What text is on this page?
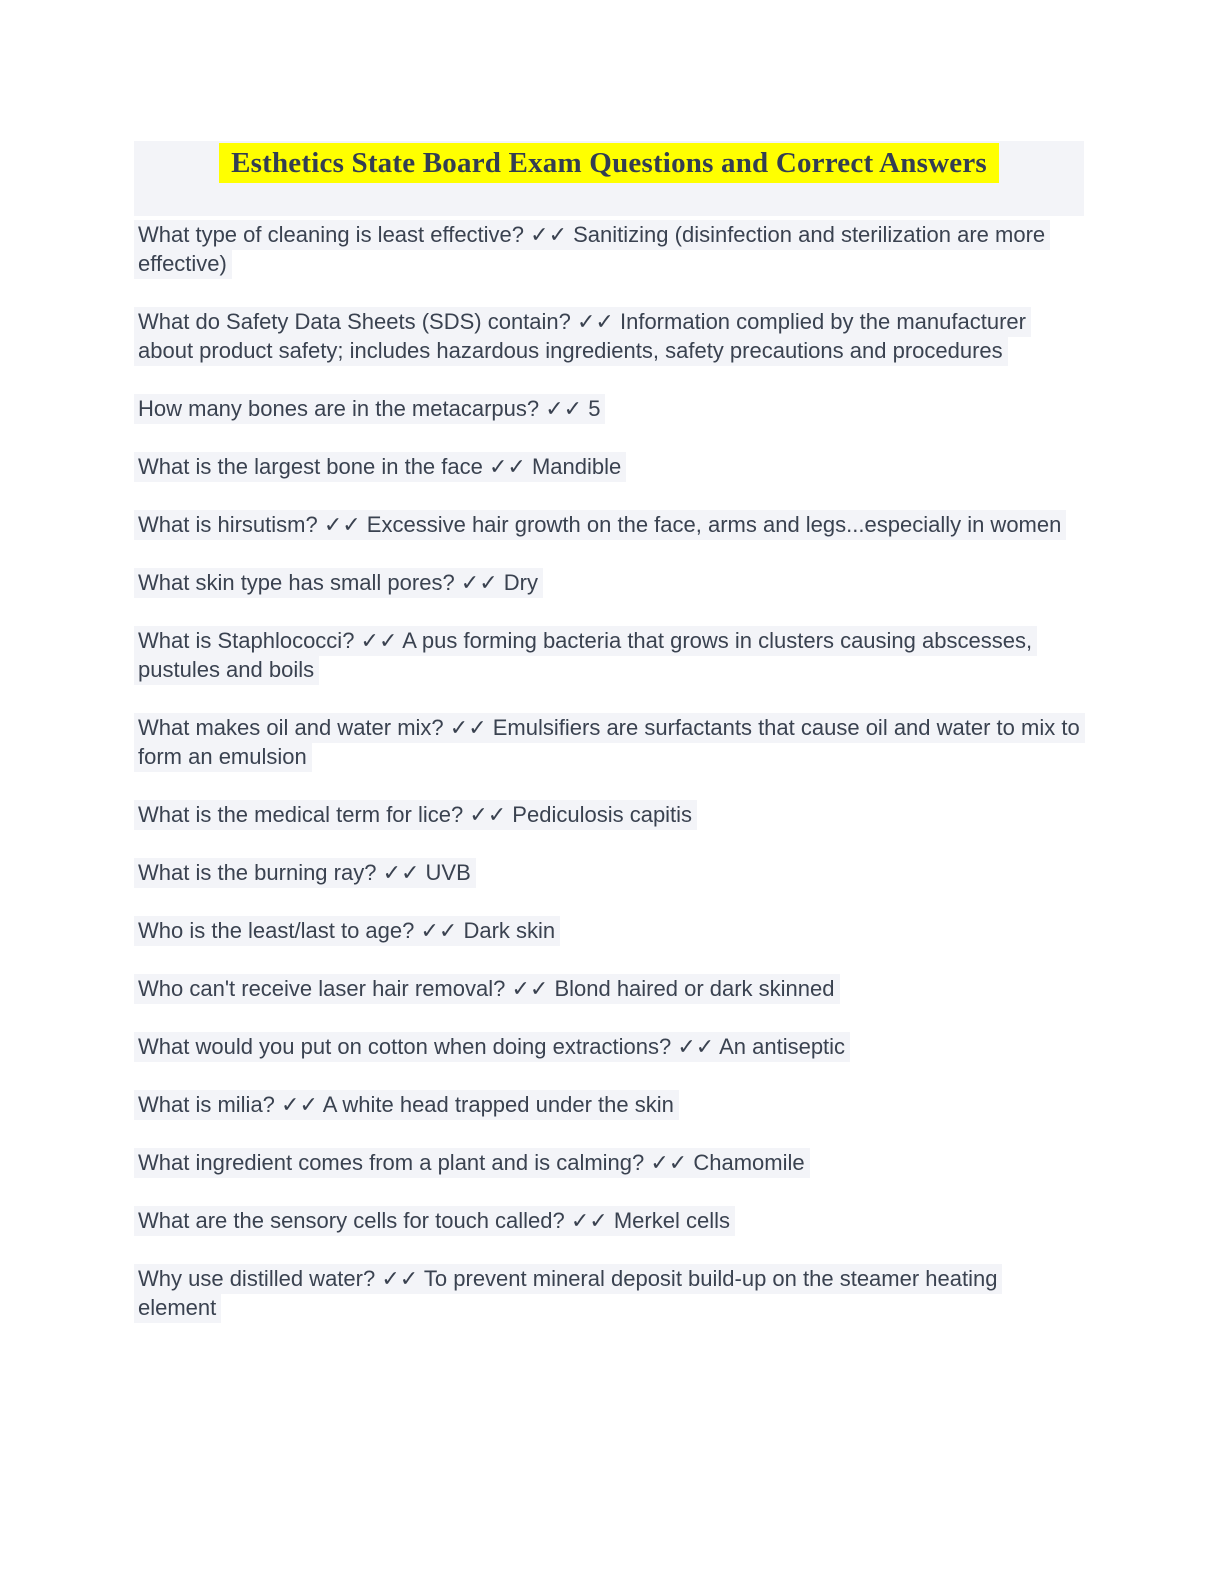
Esthetics State Board Exam Questions and Correct Answers

What type of cleaning is least effective? ✓✓ Sanitizing (disinfection and sterilization are more effective)

What do Safety Data Sheets (SDS) contain? ✓✓ Information complied by the manufacturer about product safety; includes hazardous ingredients, safety precautions and procedures

How many bones are in the metacarpus? ✓✓ 5

What is the largest bone in the face ✓✓ Mandible

What is hirsutism? ✓✓ Excessive hair growth on the face, arms and legs...especially in women

What skin type has small pores? ✓✓ Dry

What is Staphlococci? ✓✓ A pus forming bacteria that grows in clusters causing abscesses, pustules and boils

What makes oil and water mix? ✓✓ Emulsifiers are surfactants that cause oil and water to mix to form an emulsion

What is the medical term for lice? ✓✓ Pediculosis capitis

What is the burning ray? ✓✓ UVB

Who is the least/last to age? ✓✓ Dark skin

Who can't receive laser hair removal? ✓✓ Blond haired or dark skinned

What would you put on cotton when doing extractions? ✓✓ An antiseptic

What is milia? ✓✓ A white head trapped under the skin

What ingredient comes from a plant and is calming? ✓✓ Chamomile

What are the sensory cells for touch called? ✓✓ Merkel cells

Why use distilled water? ✓✓ To prevent mineral deposit build-up on the steamer heating element
